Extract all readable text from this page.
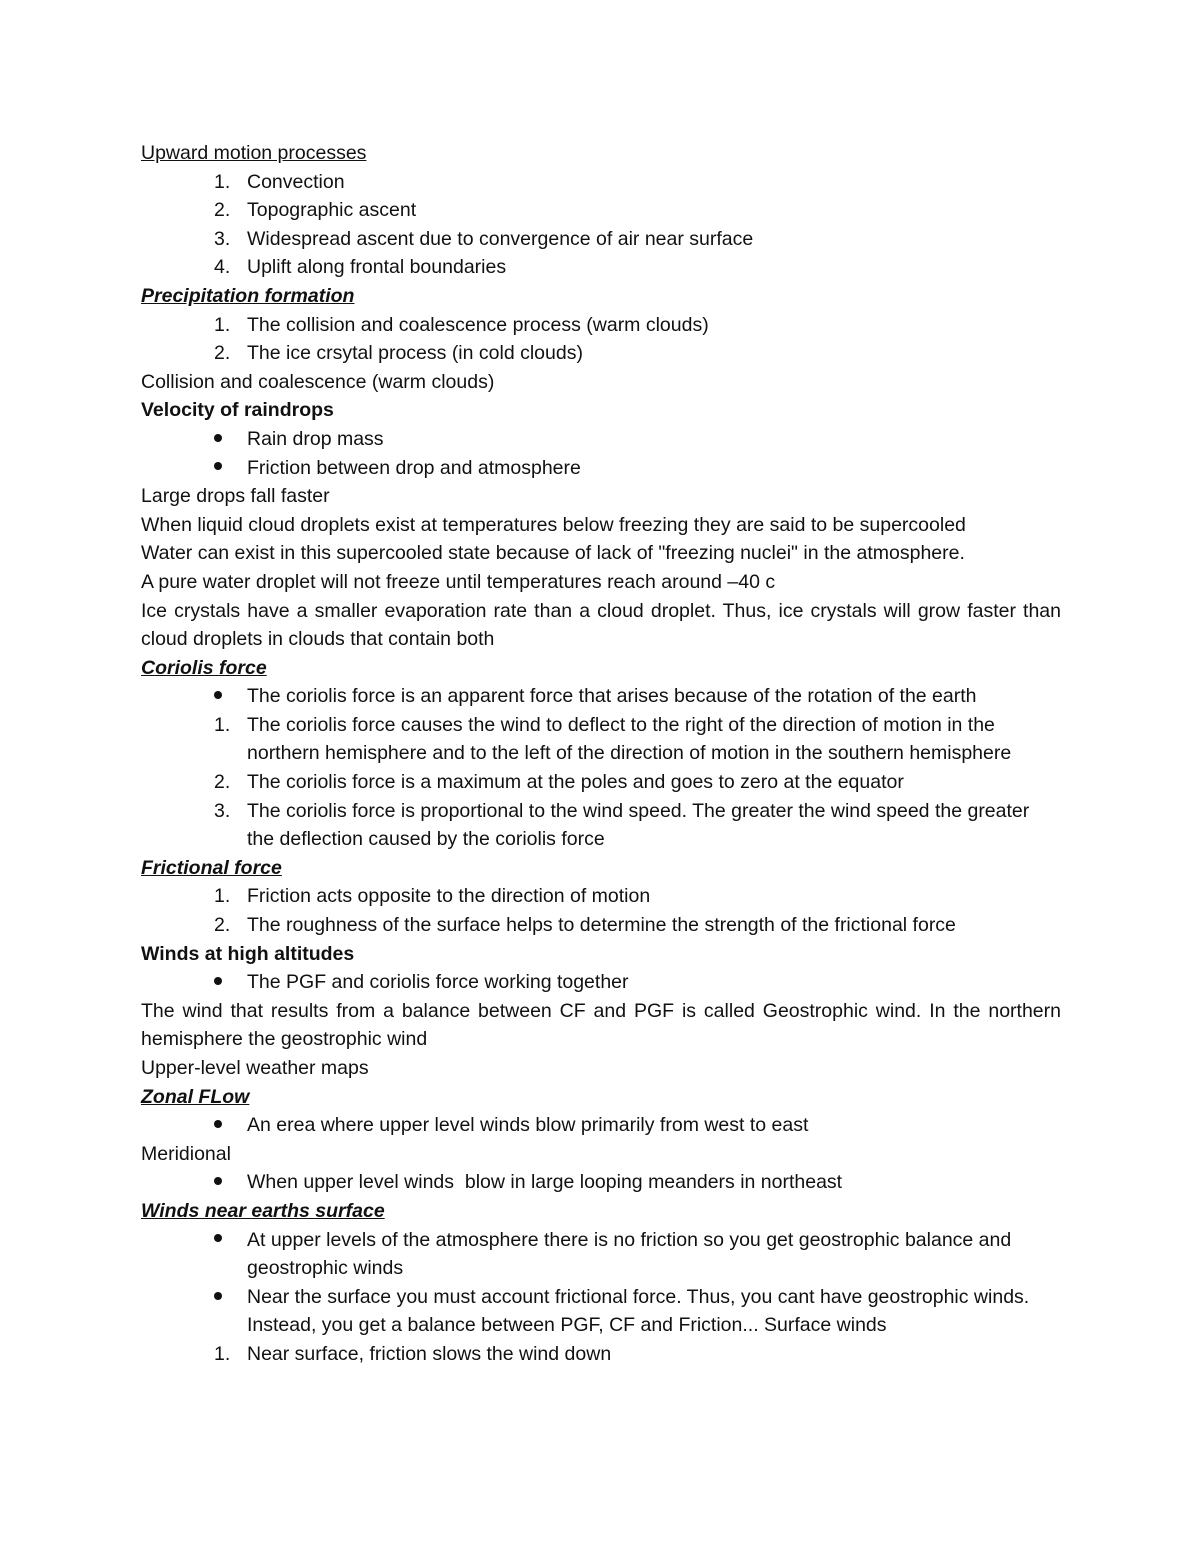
Upward motion processes

1. Convection
2. Topographic ascent
3. Widespread ascent due to convergence of air near surface
4. Uplift along frontal boundaries

Precipitation formation

1. The collision and coalescence process (warm clouds)
2. The ice crsytal process (in cold clouds)

Collision and coalescence (warm clouds)

Velocity of raindrops

Rain drop mass
Friction between drop and atmosphere

Large drops fall faster

When liquid cloud droplets exist at temperatures below freezing they are said to be supercooled

Water can exist in this supercooled state because of lack of "freezing nuclei" in the atmosphere.

A pure water droplet will not freeze until temperatures reach around –40 c

Ice crystals have a smaller evaporation rate than a cloud droplet. Thus, ice crystals will grow faster than cloud droplets in clouds that contain both

Coriolis force

The coriolis force is an apparent force that arises because of the rotation of the earth
1. The coriolis force causes the wind to deflect to the right of the direction of motion in the northern hemisphere and to the left of the direction of motion in the southern hemisphere
2. The coriolis force is a maximum at the poles and goes to zero at the equator
3. The coriolis force is proportional to the wind speed. The greater the wind speed the greater the deflection caused by the coriolis force

Frictional force

1. Friction acts opposite to the direction of motion
2. The roughness of the surface helps to determine the strength of the frictional force

Winds at high altitudes

The PGF and coriolis force working together

The wind that results from a balance between CF and PGF is called Geostrophic wind. In the northern hemisphere the geostrophic wind

Upper-level weather maps

Zonal FLow

An erea where upper level winds blow primarily from west to east

Meridional

When upper level winds  blow in large looping meanders in northeast

Winds near earths surface

At upper levels of the atmosphere there is no friction so you get geostrophic balance and geostrophic winds
Near the surface you must account frictional force. Thus, you cant have geostrophic winds. Instead, you get a balance between PGF, CF and Friction... Surface winds
1. Near surface, friction slows the wind down
